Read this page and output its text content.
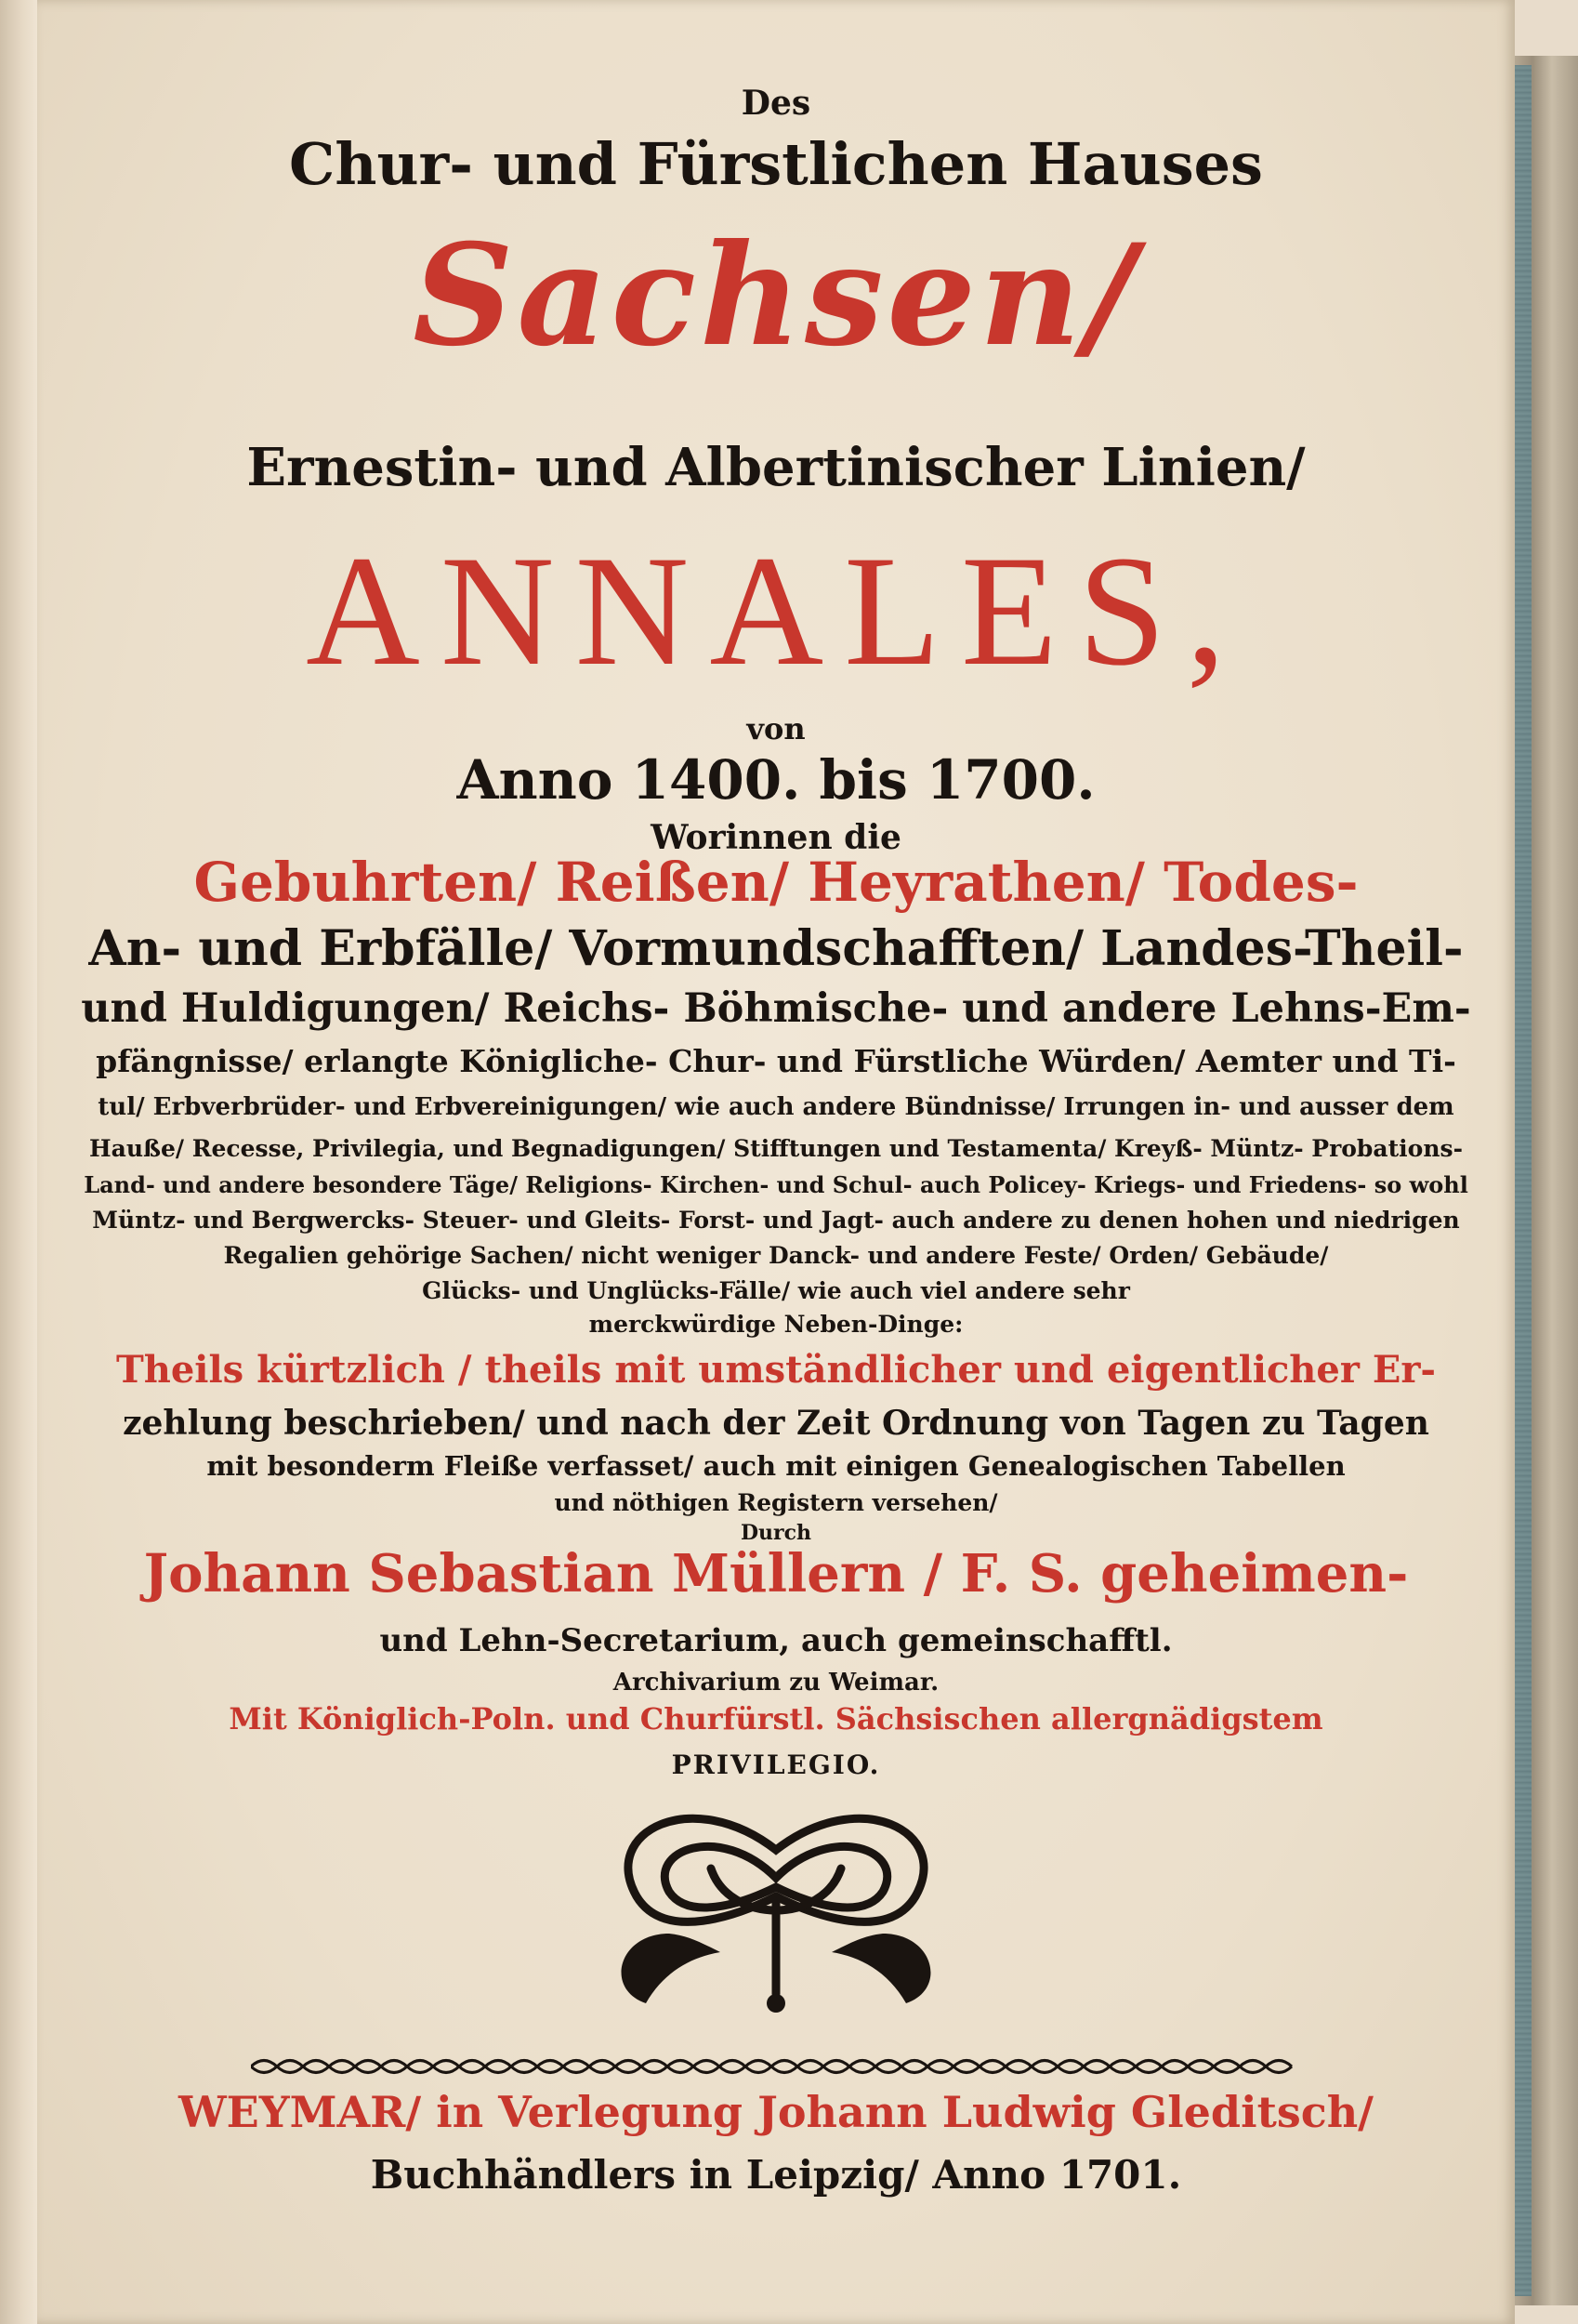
Des
Chur- und Fürstlichen Hauses
Sachsen/
Ernestin- und Albertinischer Linien/
ANNALES,
von
Anno 1400. bis 1700.
Worinnen die
Gebuhrten/ Reißen/ Heyrathen/ Todes-
An- und Erbfälle/ Vormundschafften/ Landes-Theil-
und Huldigungen/ Reichs- Böhmische- und andere Lehns-Em-
pfängnisse/ erlangte Königliche- Chur- und Fürstliche Würden/ Aemter und Ti-
tul/ Erbverbrüder- und Erbvereinigungen/ wie auch andere Bündnisse/ Irrungen in- und ausser dem
Hauße/ Recesse, Privilegia, und Begnadigungen/ Stifftungen und Testamenta/ Kreyß- Müntz- Probations-
Land- und andere besondere Täge/ Religions- Kirchen- und Schul- auch Policey- Kriegs- und Friedens- so wohl
Müntz- und Bergwercks- Steuer- und Gleits- Forst- und Jagt- auch andere zu denen hohen und niedrigen
Regalien gehörige Sachen/ nicht weniger Danck- und andere Feste/ Orden/ Gebäude/
Glücks- und Unglücks-Fälle/ wie auch viel andere sehr
merckwürdige Neben-Dinge:
Theils kürtzlich / theils mit umständlicher und eigentlicher Er-
zehlung beschrieben/ und nach der Zeit Ordnung von Tagen zu Tagen
mit besonderm Fleiße verfasset/ auch mit einigen Genealogischen Tabellen
und nöthigen Registern versehen/
Durch
Johann Sebastian Müllern / F. S. geheimen-
und Lehn-Secretarium, auch gemeinschafftl.
Archivarium zu Weimar.
Mit Königlich-Poln. und Churfürstl. Sächsischen allergnädigstem
PRIVILEGIO.
WEYMAR/ in Verlegung Johann Ludwig Gleditsch/
Buchhändlers in Leipzig/ Anno 1701.
